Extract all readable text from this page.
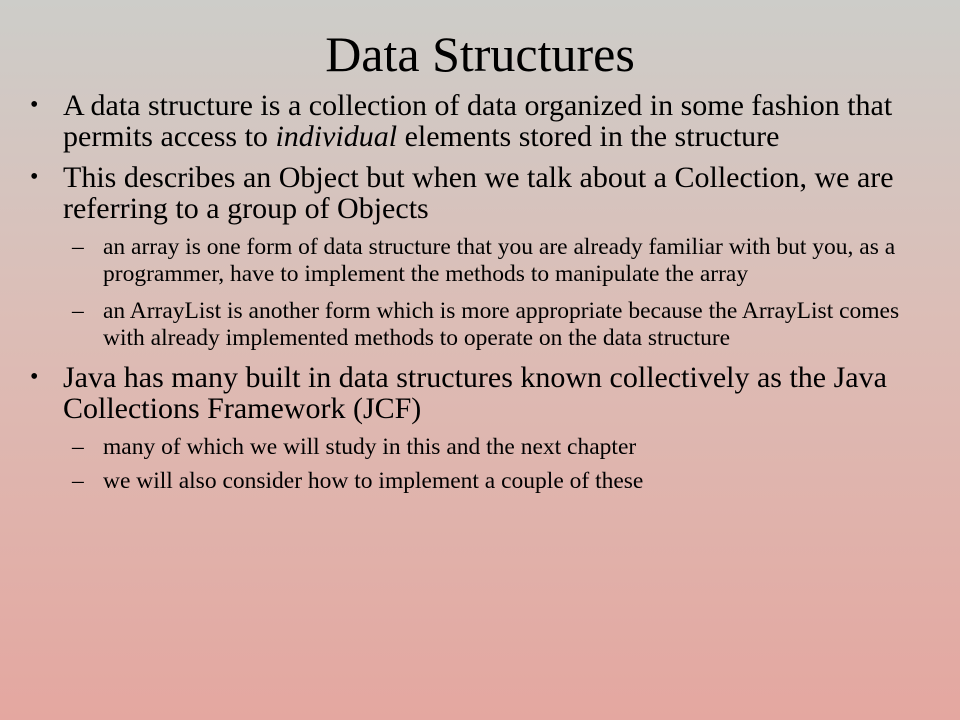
Data Structures
• A data structure is a collection of data organized in some fashion that permits access to individual elements stored in the structure
• This describes an Object but when we talk about a Collection, we are referring to a group of Objects
– an array is one form of data structure that you are already familiar with but you, as a programmer, have to implement the methods to manipulate the array
– an ArrayList is another form which is more appropriate because the ArrayList comes with already implemented methods to operate on the data structure
• Java has many built in data structures known collectively as the Java Collections Framework (JCF)
– many of which we will study in this and the next chapter
– we will also consider how to implement a couple of these
